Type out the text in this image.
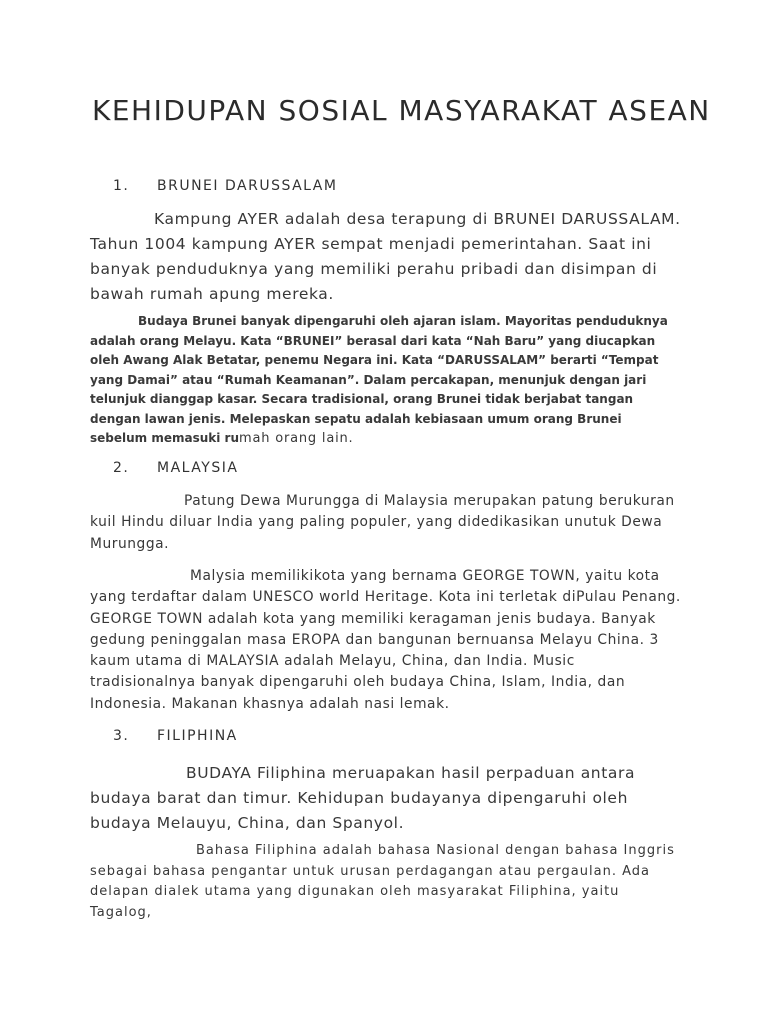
KEHIDUPAN SOSIAL MASYARAKAT ASEAN
1. BRUNEI DARUSSALAM

Kampung AYER adalah desa terapung di BRUNEI DARUSSALAM. Tahun 1004 kampung AYER sempat menjadi pemerintahan. Saat ini banyak penduduknya yang memiliki perahu pribadi dan disimpan di bawah rumah apung mereka.

Budaya Brunei banyak dipengaruhi oleh ajaran islam. Mayoritas penduduknya adalah orang Melayu. Kata “BRUNEI” berasal dari kata “Nah Baru” yang diucapkan oleh Awang Alak Betatar, penemu Negara ini. Kata “DARUSSALAM” berarti “Tempat yang Damai” atau “Rumah Keamanan”. Dalam percakapan, menunjuk dengan jari telunjuk dianggap kasar. Secara tradisional, orang Brunei tidak berjabat tangan dengan lawan jenis. Melepaskan sepatu adalah kebiasaan umum orang Brunei sebelum memasuki rumah orang lain.

2. MALAYSIA

Patung Dewa Murungga di Malaysia merupakan patung berukuran kuil Hindu diluar India yang paling populer, yang didedikasikan unutuk Dewa Murungga.

Malysia memilikikota yang bernama GEORGE TOWN, yaitu kota yang terdaftar dalam UNESCO world Heritage. Kota ini terletak diPulau Penang. GEORGE TOWN adalah kota yang memiliki keragaman jenis budaya. Banyak gedung peninggalan masa EROPA dan bangunan bernuansa Melayu China. 3 kaum utama di MALAYSIA adalah Melayu, China, dan India. Music tradisionalnya banyak dipengaruhi oleh budaya China, Islam, India, dan Indonesia. Makanan khasnya adalah nasi lemak.

3. FILIPHINA

BUDAYA Filiphina meruapakan hasil perpaduan antara budaya barat dan timur. Kehidupan budayanya dipengaruhi oleh budaya Melauyu, China, dan Spanyol.

Bahasa Filiphina adalah bahasa Nasional dengan bahasa Inggris sebagai bahasa pengantar untuk urusan perdagangan atau pergaulan. Ada delapan dialek utama yang digunakan oleh masyarakat Filiphina, yaitu Tagalog,
